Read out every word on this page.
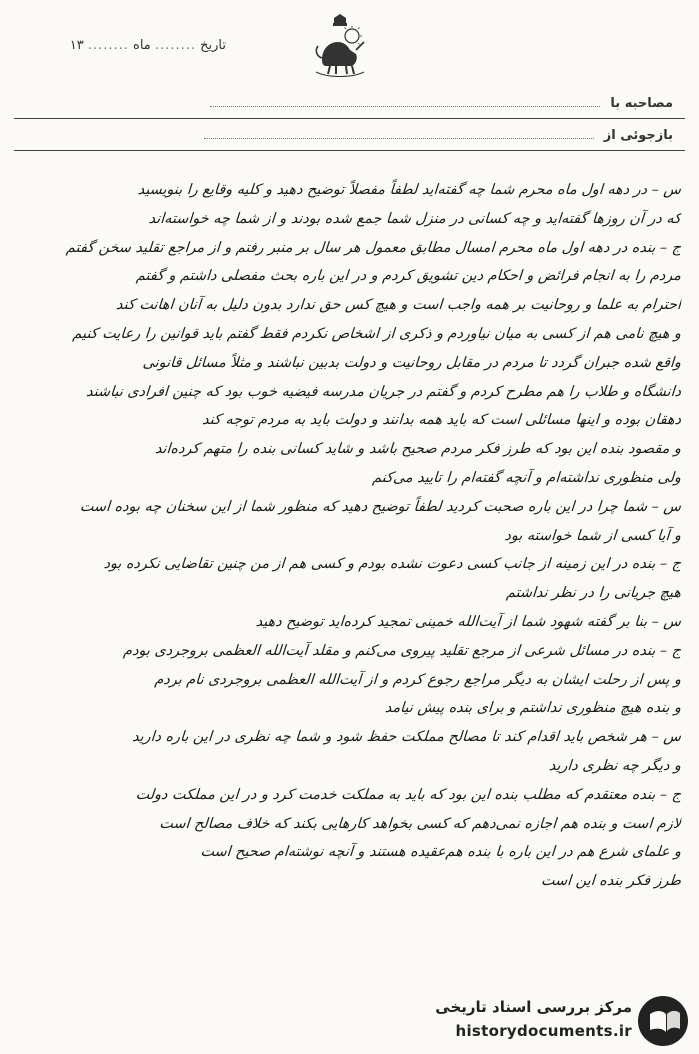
تاریخ ........ ماه ........ ۱۳
مصاحبه با
بازجوئی از
س – در دهه اول ماه محرم شما چه گفته‌اید لطفاً مفصلاً توضیح دهید و کلیه وقایع را بنویسید
که در آن روزها گفته‌اید و چه کسانی در منزل شما جمع شده بودند و از شما چه خواسته‌اند
ج – بنده در دهه اول ماه محرم امسال مطابق معمول هر سال بر منبر رفتم و از مراجع تقلید سخن گفتم
مردم را به انجام فرائض و احکام دین تشویق کردم و در این باره بحث مفصلی داشتم و گفتم
احترام به علما و روحانیت بر همه واجب است و هیچ کس حق ندارد بدون دلیل به آنان اهانت کند
و هیچ نامی هم از کسی به میان نیاوردم و ذکری از اشخاص نکردم فقط گفتم باید قوانین را رعایت کنیم
واقع شده جبران گردد تا مردم در مقابل روحانیت و دولت بدبین نباشند و مثلاً مسائل قانونی
دانشگاه و طلاب را هم مطرح کردم و گفتم در جریان مدرسه فیضیه خوب بود که چنین افرادی نباشند
دهقان بوده و اینها مسائلی است که باید همه بدانند و دولت باید به مردم توجه کند
و مقصود بنده این بود که طرز فکر مردم صحیح باشد و شاید کسانی بنده را متهم کرده‌اند
ولی منظوری نداشته‌ام و آنچه گفته‌ام را تایید می‌کنم
س – شما چرا در این باره صحبت کردید لطفاً توضیح دهید که منظور شما از این سخنان چه بوده است
و آیا کسی از شما خواسته بود
ج – بنده در این زمینه از جانب کسی دعوت نشده بودم و کسی هم از من چنین تقاضایی نکرده بود
هیچ جریانی را در نظر نداشتم
س – بنا بر گفته شهود شما از آیت‌الله خمینی تمجید کرده‌اید توضیح دهید
ج – بنده در مسائل شرعی از مرجع تقلید پیروی می‌کنم و مقلد آیت‌الله العظمی بروجردی بودم
و پس از رحلت ایشان به دیگر مراجع رجوع کردم و از آیت‌الله العظمی بروجردی نام بردم
و بنده هیچ منظوری نداشتم و برای بنده پیش نیامد
س – هر شخص باید اقدام کند تا مصالح مملکت حفظ شود و شما چه نظری در این باره دارید
و دیگر چه نظری دارید
ج – بنده معتقدم که مطلب بنده این بود که باید به مملکت خدمت کرد و در این مملکت دولت
لازم است و بنده هم اجازه نمی‌دهم که کسی بخواهد کارهایی بکند که خلاف مصالح است
و علمای شرع هم در این باره با بنده هم‌عقیده هستند و آنچه نوشته‌ام صحیح است
طرز فکر بنده این است
مرکز بررسی اسناد تاریخی
historydocuments.ir
